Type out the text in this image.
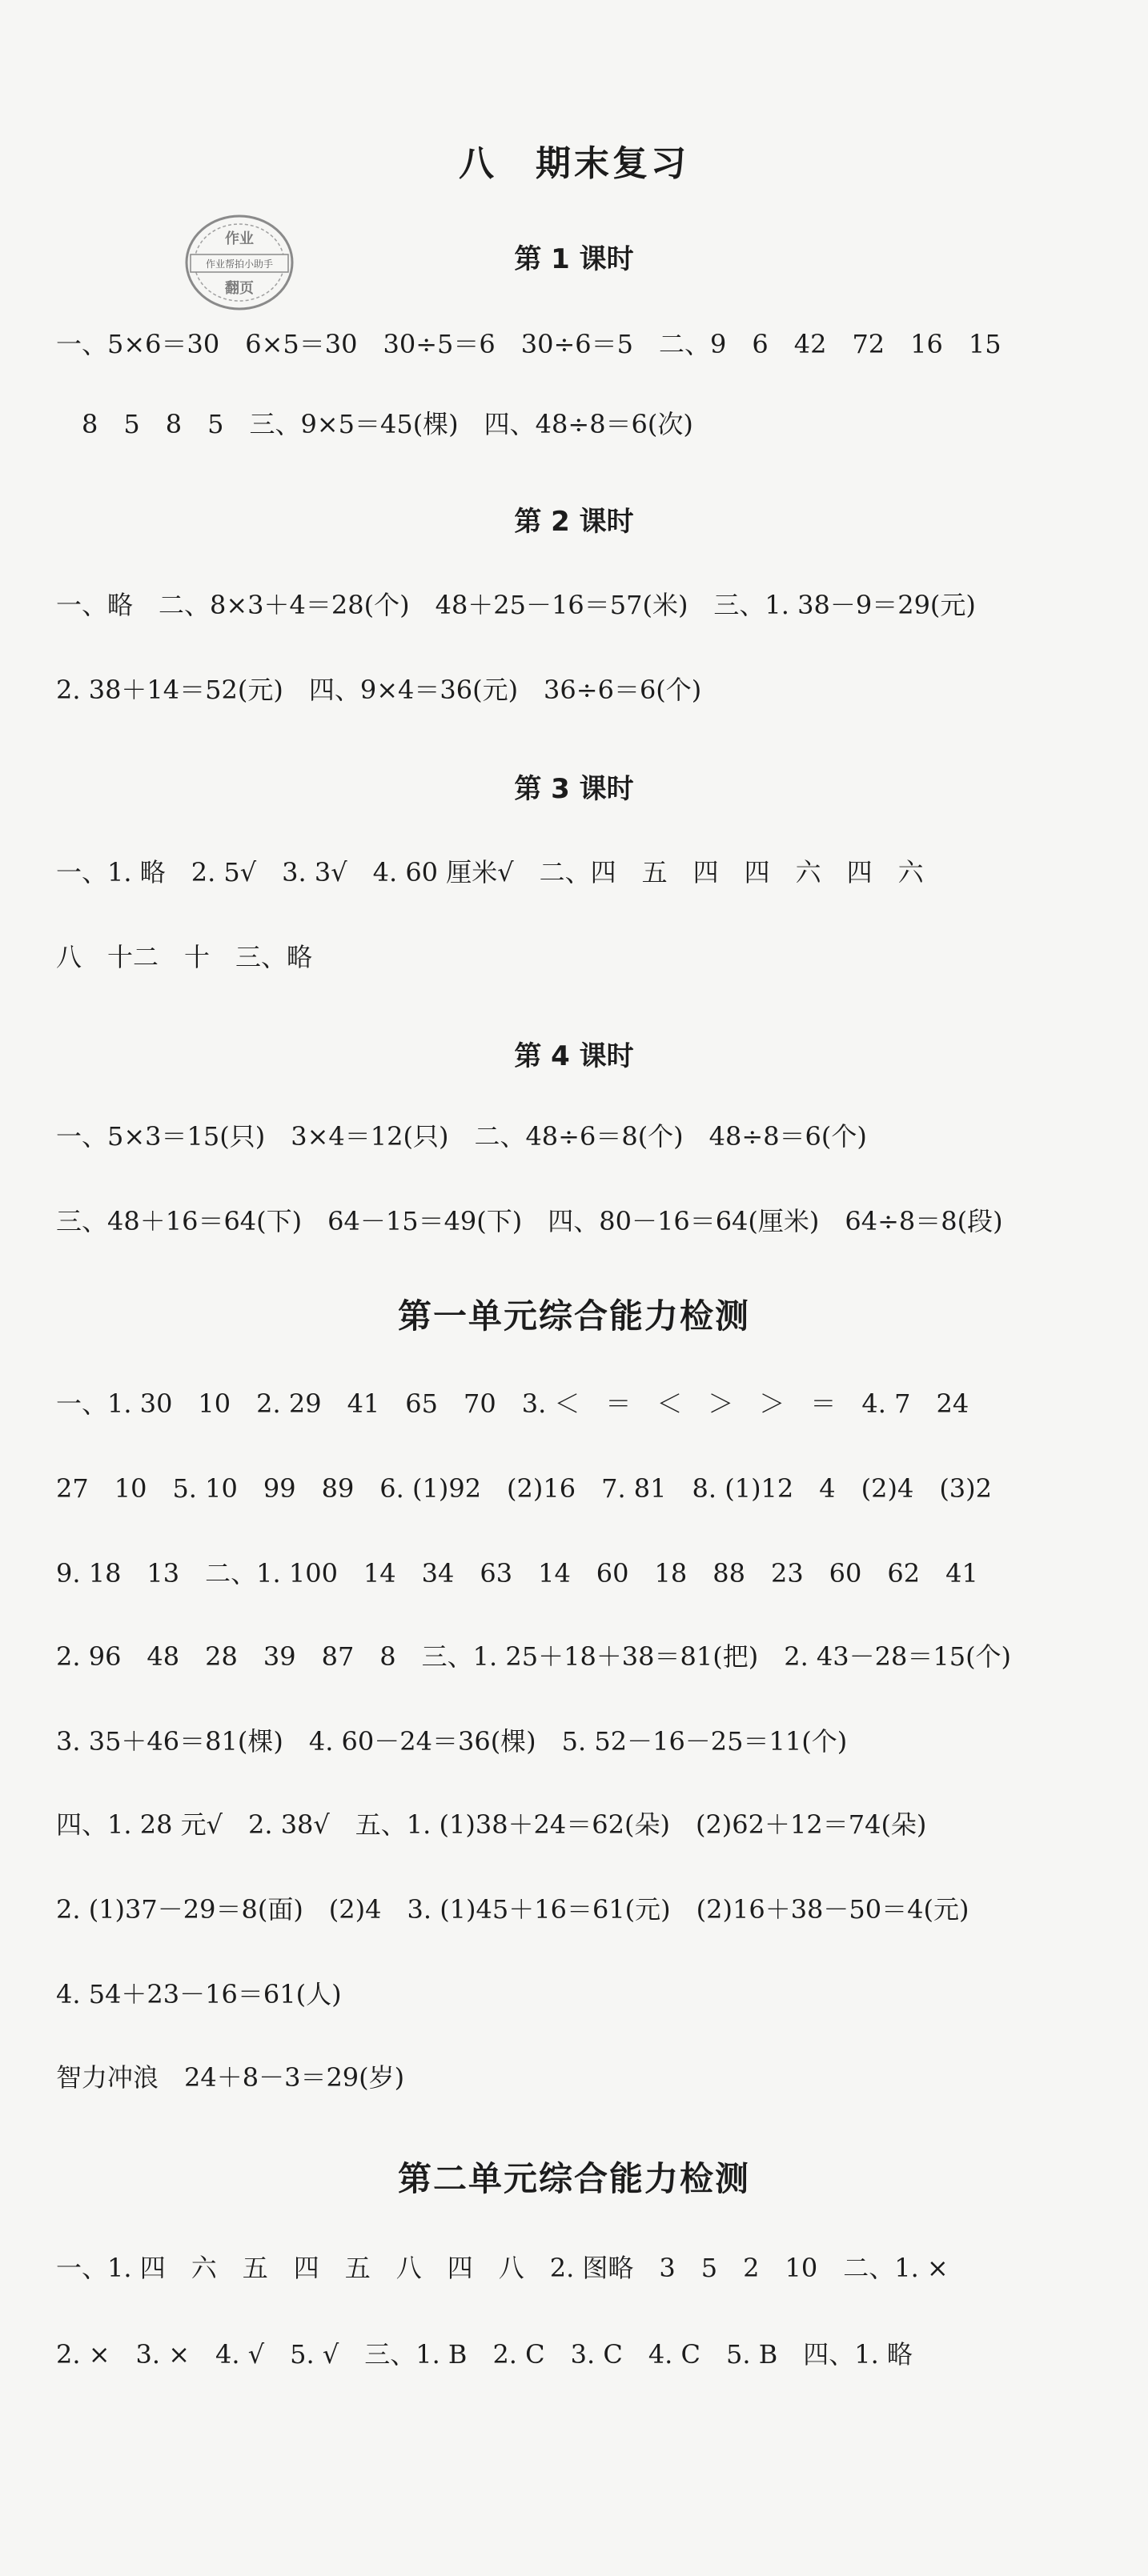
八　期末复习
作业
作业帮拍小助手
翻页
第 1 课时
一、5×6＝30　6×5＝30　30÷5＝6　30÷6＝5　二、9　6　42　72　16　15
　8　5　8　5　三、9×5＝45(棵)　四、48÷8＝6(次)
第 2 课时
一、略　二、8×3＋4＝28(个)　48＋25－16＝57(米)　三、1. 38－9＝29(元)
2. 38＋14＝52(元)　四、9×4＝36(元)　36÷6＝6(个)
第 3 课时
一、1. 略　2. 5√　3. 3√　4. 60 厘米√　二、四　五　四　四　六　四　六
八　十二　十　三、略
第 4 课时
一、5×3＝15(只)　3×4＝12(只)　二、48÷6＝8(个)　48÷8＝6(个)
三、48＋16＝64(下)　64－15＝49(下)　四、80－16＝64(厘米)　64÷8＝8(段)
第一单元综合能力检测
一、1. 30　10　2. 29　41　65　70　3. ＜　＝　＜　＞　＞　＝　4. 7　24
27　10　5. 10　99　89　6. (1)92　(2)16　7. 81　8. (1)12　4　(2)4　(3)2
9. 18　13　二、1. 100　14　34　63　14　60　18　88　23　60　62　41
2. 96　48　28　39　87　8　三、1. 25＋18＋38＝81(把)　2. 43－28＝15(个)
3. 35＋46＝81(棵)　4. 60－24＝36(棵)　5. 52－16－25＝11(个)
四、1. 28 元√　2. 38√　五、1. (1)38＋24＝62(朵)　(2)62＋12＝74(朵)
2. (1)37－29＝8(面)　(2)4　3. (1)45＋16＝61(元)　(2)16＋38－50＝4(元)
4. 54＋23－16＝61(人)
智力冲浪　24＋8－3＝29(岁)
第二单元综合能力检测
一、1. 四　六　五　四　五　八　四　八　2. 图略　3　5　2　10　二、1. ×
2. ×　3. ×　4. √　5. √　三、1. B　2. C　3. C　4. C　5. B　四、1. 略
